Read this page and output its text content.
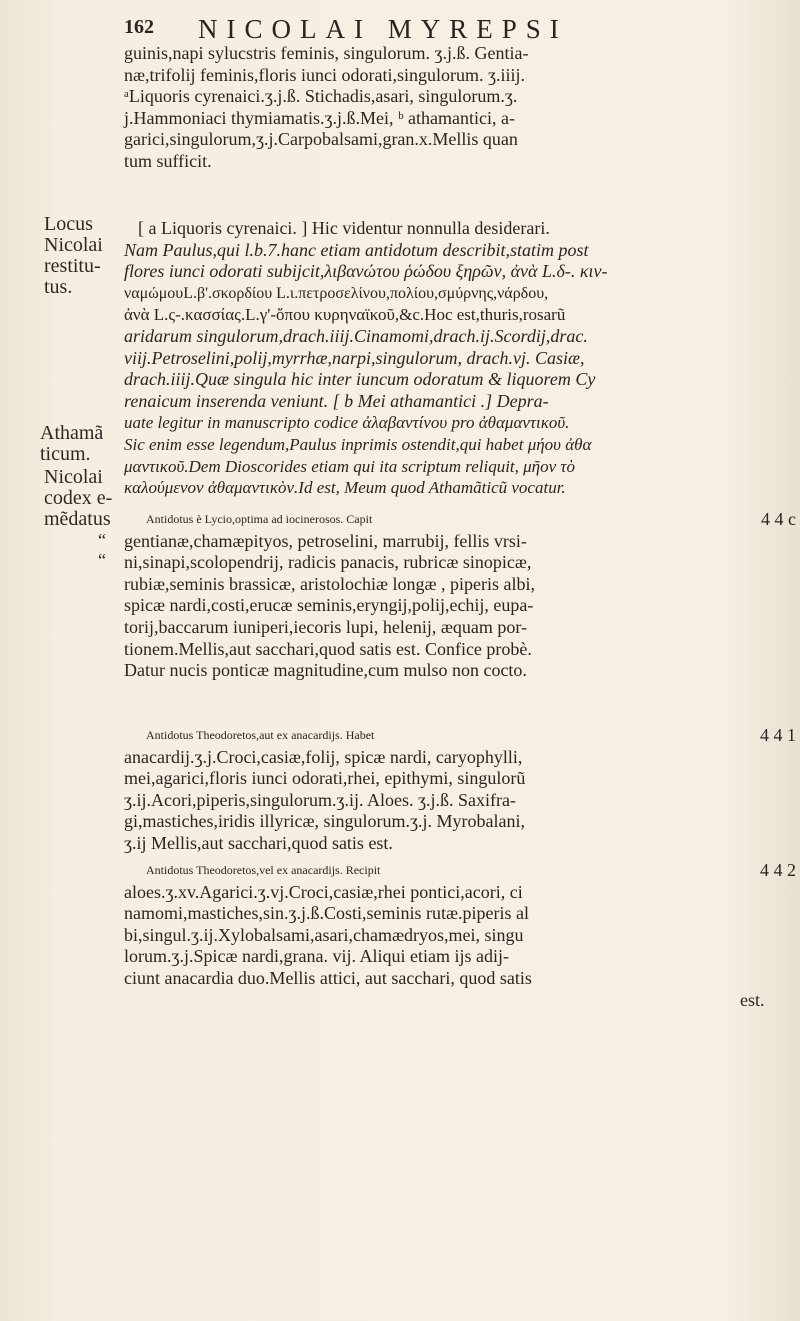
162 NICOLAI MYREPSI
Locus
Nicolai
restitu-
tus.
Athamã
ticum.
Nicolai
codex e-
mẽdatus
“
“
guinis,napi sylucstris feminis, singulorum. ʒ.j.ß. Gentia-
næ,trifolij feminis,floris iunci odorati,singulorum. ʒ.iiij.
ᵃLiquoris cyrenaici.ʒ.j.ß. Stichadis,asari, singulorum.ʒ.
j.Hammoniaci thymiamatis.ʒ.j.ß.Mei, ᵇ athamantici, a-
garici,singulorum,ʒ.j.Carpobalsami,gran.x.Mellis quan
tum sufficit.
[ a Liquoris cyrenaici. ] Hic videntur nonnulla desiderari.
Nam Paulus,qui l.b.7.hanc etiam antidotum describit,statim post
flores iunci odorati subijcit,λιβανώτου ῥώδου ξηρῶν, ἀνὰ L.δ-. κιν-
ναμώμουL.β'.σκορδίου L.ι.πετροσελίνου,πολίου,σμύρνης,νάρδου,
ἀνὰ L.ς-.κασσίας.L.γ'-ὄπου κυρηναϊκοῦ,&c.Hoc est,thuris,rosarũ
aridarum singulorum,drach.iiij.Cinamomi,drach.ij.Scordij,drac.
viij.Petroselini,polij,myrrhæ,narpi,singulorum, drach.vj. Casiæ,
drach.iiij.Quæ singula hic inter iuncum odoratum & liquorem Cy
renaicum inserenda veniunt. [ b Mei athamantici .] Depra-
uate legitur in manuscripto codice ἀλαβαντίνου pro ἀθαμαντικοῦ.
Sic enim esse legendum,Paulus inprimis ostendit,qui habet μήου ἀθα
μαντικοῦ.Dem Dioscorides etiam qui ita scriptum reliquit, μῆον τὸ
καλούμενον ἀθαμαντικὸν.Id est, Meum quod Athamãticũ vocatur.
Antidotus è Lycio,optima ad iocinerosos. Capit
gentianæ,chamæpityos, petroselini, marrubij, fellis vrsi-
ni,sinapi,scolopendrij, radicis panacis, rubricæ sinopicæ,
rubiæ,seminis brassicæ, aristolochiæ longæ , piperis albi,
spicæ nardi,costi,erucæ seminis,eryngij,polij,echij, eupa-
torij,baccarum iuniperi,iecoris lupi, helenij, æquam por-
tionem.Mellis,aut sacchari,quod satis est. Confice probè.
Datur nucis ponticæ magnitudine,cum mulso non cocto.
4 4 c
Antidotus Theodoretos,aut ex anacardijs. Habet
anacardij.ʒ.j.Croci,casiæ,folij, spicæ nardi, caryophylli,
mei,agarici,floris iunci odorati,rhei, epithymi, singulorũ
ʒ.ij.Acori,piperis,singulorum.ʒ.ij. Aloes. ʒ.j.ß. Saxifra-
gi,mastiches,iridis illyricæ, singulorum.ʒ.j. Myrobalani,
ʒ.ij Mellis,aut sacchari,quod satis est.
4 4 1
Antidotus Theodoretos,vel ex anacardijs. Recipit
aloes.ʒ.xv.Agarici.ʒ.vj.Croci,casiæ,rhei pontici,acori, ci
namomi,mastiches,sin.ʒ.j.ß.Costi,seminis rutæ.piperis al
bi,singul.ʒ.ij.Xylobalsami,asari,chamædryos,mei, singu
lorum.ʒ.j.Spicæ nardi,grana. vij. Aliqui etiam ijs adij-
ciunt anacardia duo.Mellis attici, aut sacchari, quod satis
4 4 2
est.
